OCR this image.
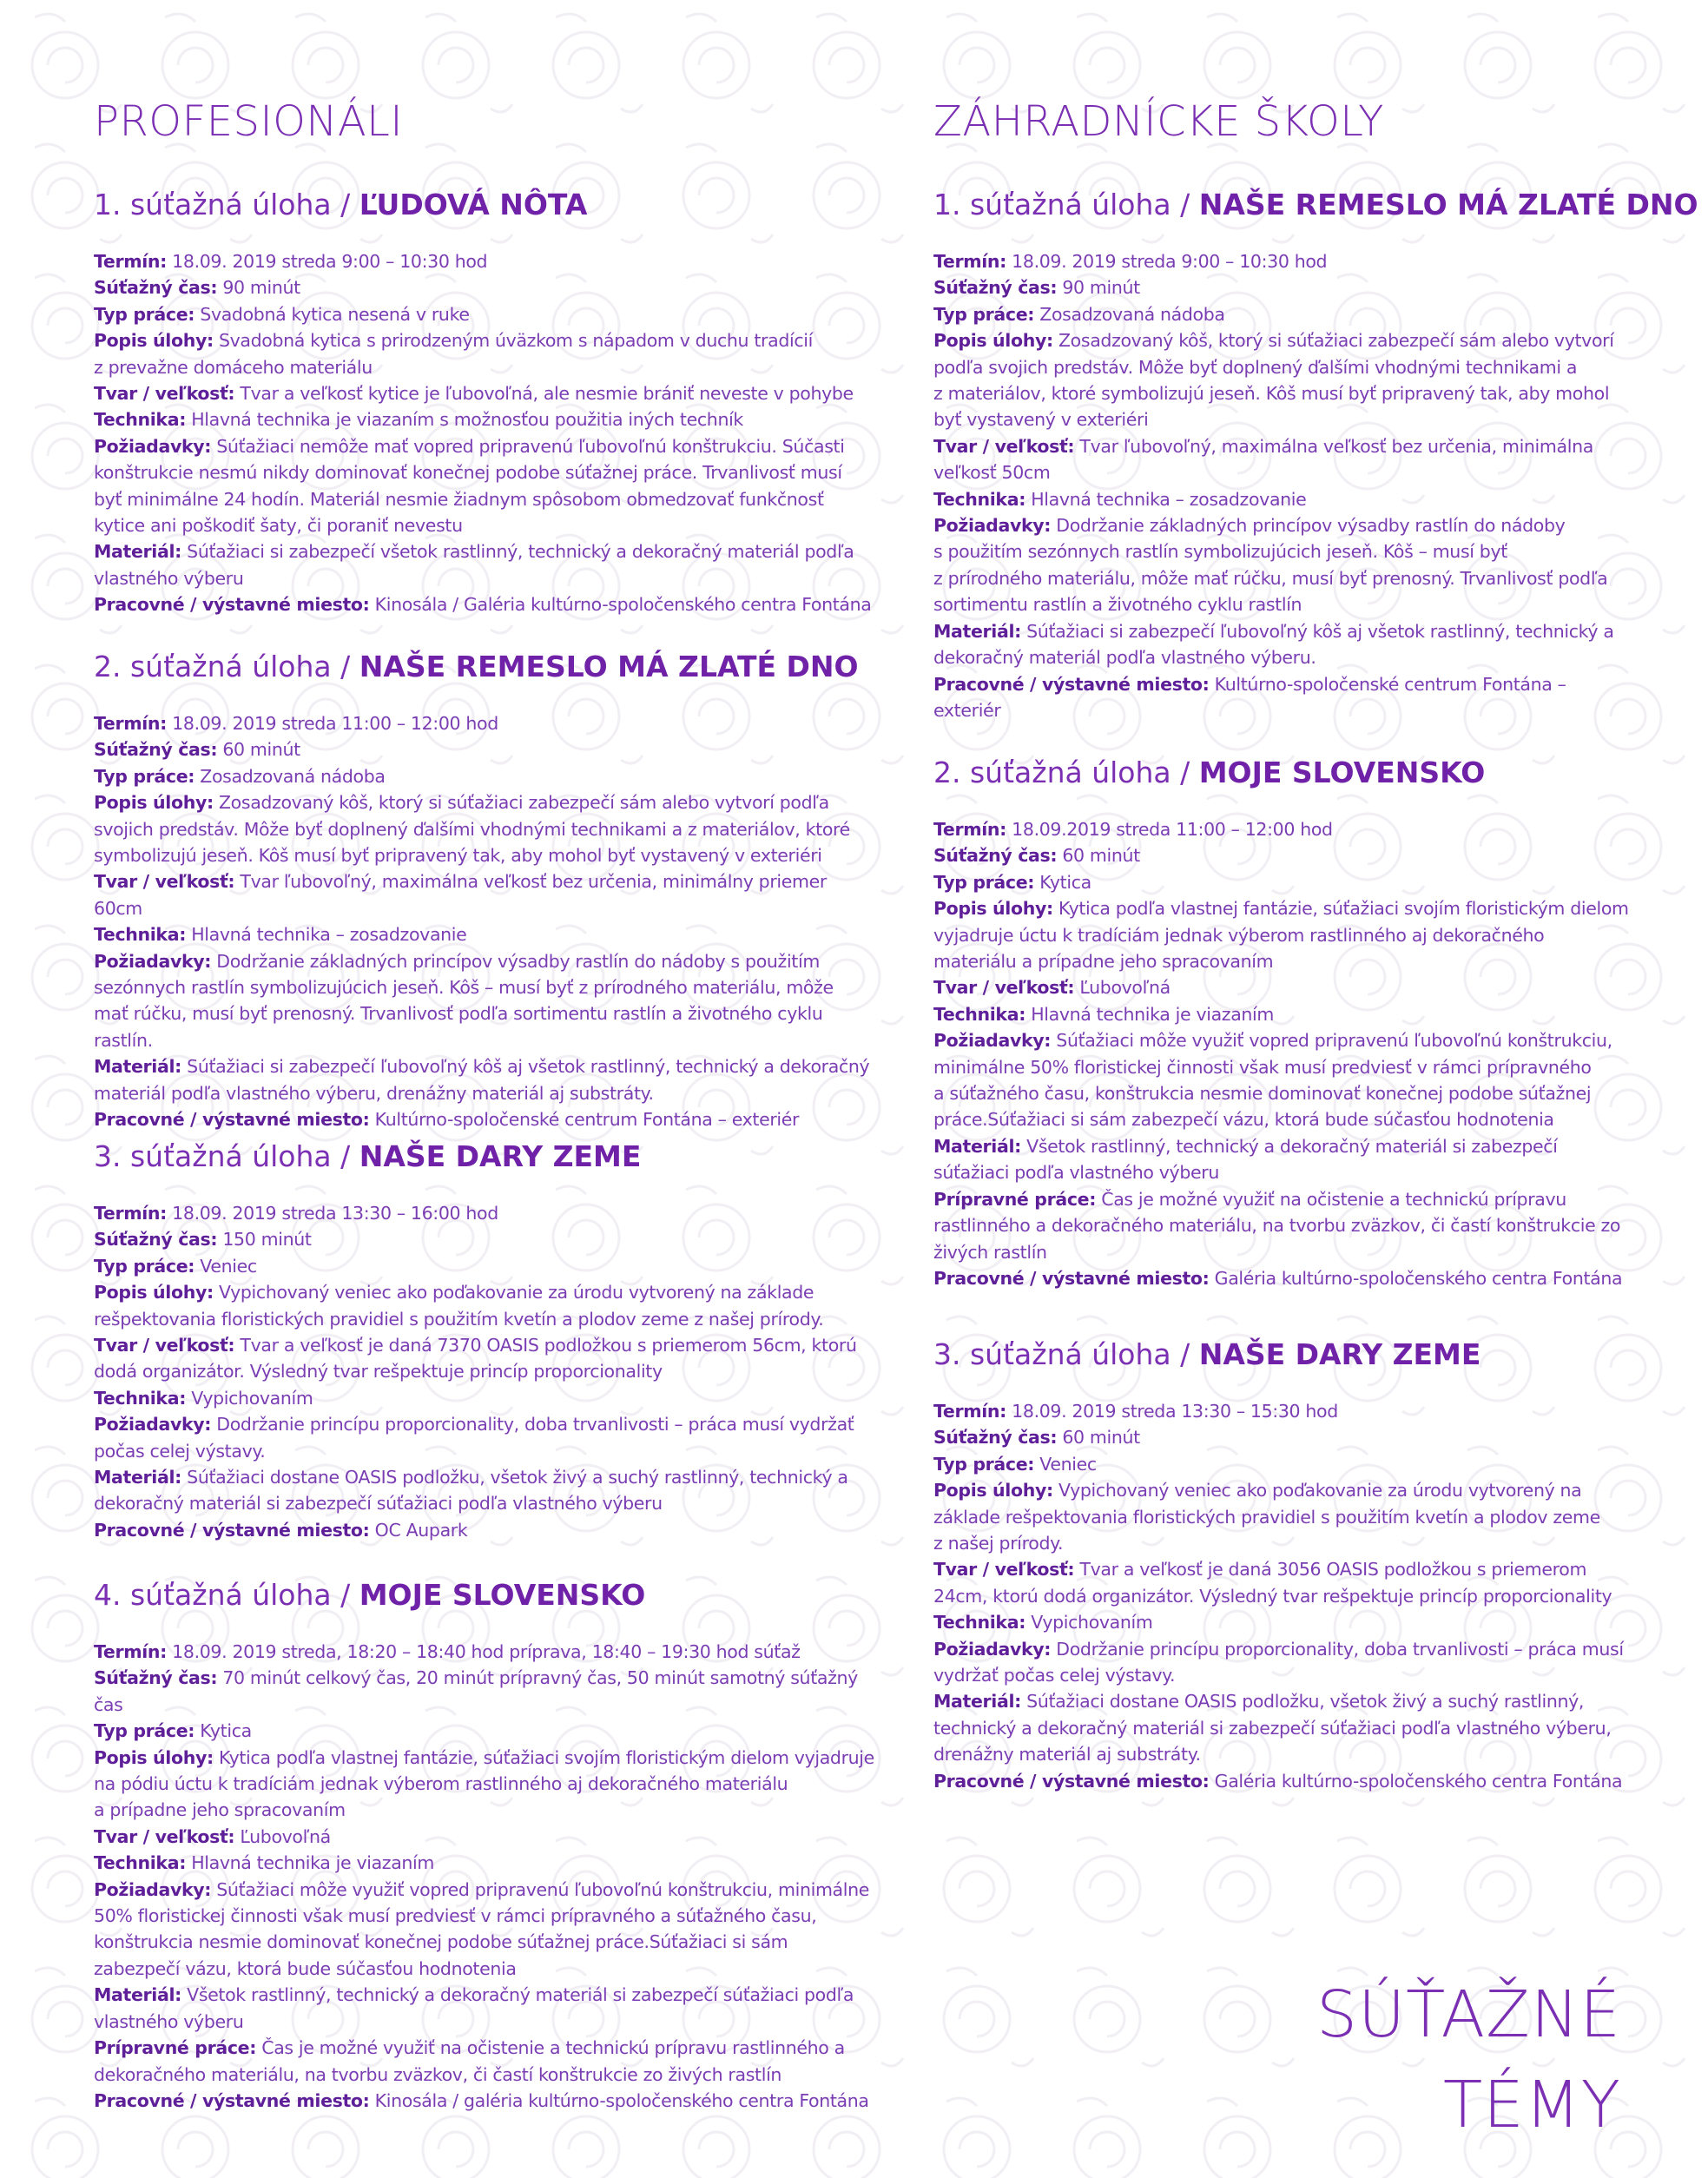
PROFESIONÁLI
1. súťažná úloha / ĽUDOVÁ NÔTA
Termín: 18.09. 2019 streda 9:00 – 10:30 hod
Súťažný čas: 90 minút
Typ práce: Svadobná kytica nesená v ruke
Popis úlohy: Svadobná kytica s prirodzeným úväzkom s nápadom v duchu tradícií
z prevažne domáceho materiálu
Tvar / veľkosť: Tvar a veľkosť kytice je ľubovoľná, ale nesmie brániť neveste v pohybe
Technika: Hlavná technika je viazaním s možnosťou použitia iných techník
Požiadavky: Súťažiaci nemôže mať vopred pripravenú ľubovoľnú konštrukciu. Súčasti
konštrukcie nesmú nikdy dominovať konečnej podobe súťažnej práce. Trvanlivosť musí
byť minimálne 24 hodín. Materiál nesmie žiadnym spôsobom obmedzovať funkčnosť
kytice ani poškodiť šaty, či poraniť nevestu
Materiál: Súťažiaci si zabezpečí všetok rastlinný, technický a dekoračný materiál podľa
vlastného výberu
Pracovné / výstavné miesto: Kinosála / Galéria kultúrno-spoločenského centra Fontána
2. súťažná úloha / NAŠE REMESLO MÁ ZLATÉ DNO
Termín: 18.09. 2019 streda 11:00 – 12:00 hod
Súťažný čas: 60 minút
Typ práce: Zosadzovaná nádoba
Popis úlohy: Zosadzovaný kôš, ktorý si súťažiaci zabezpečí sám alebo vytvorí podľa
svojich predstáv. Môže byť doplnený ďalšími vhodnými technikami a z materiálov, ktoré
symbolizujú jeseň. Kôš musí byť pripravený tak, aby mohol byť vystavený v exteriéri
Tvar / veľkosť: Tvar ľubovoľný, maximálna veľkosť bez určenia, minimálny priemer 60cm
Technika: Hlavná technika – zosadzovanie
Požiadavky: Dodržanie základných princípov výsadby rastlín do nádoby s použitím
sezónnych rastlín symbolizujúcich jeseň. Kôš – musí byť z prírodného materiálu, môže
mať rúčku, musí byť prenosný. Trvanlivosť podľa sortimentu rastlín a životného cyklu
rastlín.
Materiál: Súťažiaci si zabezpečí ľubovoľný kôš aj všetok rastlinný, technický a dekoračný
materiál podľa vlastného výberu, drenážny materiál aj substráty.
Pracovné / výstavné miesto: Kultúrno-spoločenské centrum Fontána – exteriér
3. súťažná úloha / NAŠE DARY ZEME
Termín: 18.09. 2019 streda 13:30 – 16:00 hod
Súťažný čas: 150 minút
Typ práce: Veniec
Popis úlohy: Vypichovaný veniec ako poďakovanie za úrodu vytvorený na základe
rešpektovania floristických pravidiel s použitím kvetín a plodov zeme z našej prírody.
Tvar / veľkosť: Tvar a veľkosť je daná 7370 OASIS podložkou s priemerom 56cm, ktorú
dodá organizátor. Výsledný tvar rešpektuje princíp proporcionality
Technika: Vypichovaním
Požiadavky: Dodržanie princípu proporcionality, doba trvanlivosti – práca musí vydržať
počas celej výstavy.
Materiál: Súťažiaci dostane OASIS podložku, všetok živý a suchý rastlinný, technický a
dekoračný materiál si zabezpečí súťažiaci podľa vlastného výberu
Pracovné / výstavné miesto: OC Aupark
4. súťažná úloha / MOJE SLOVENSKO
Termín: 18.09. 2019 streda, 18:20 – 18:40 hod príprava, 18:40 – 19:30 hod súťaž
Súťažný čas: 70 minút celkový čas, 20 minút prípravný čas, 50 minút samotný súťažný čas
Typ práce: Kytica
Popis úlohy: Kytica podľa vlastnej fantázie, súťažiaci svojím floristickým dielom vyjadruje
na pódiu úctu k tradíciám jednak výberom rastlinného aj dekoračného materiálu
a prípadne jeho spracovaním
Tvar / veľkosť: Ľubovoľná
Technika: Hlavná technika je viazaním
Požiadavky: Súťažiaci môže využiť vopred pripravenú ľubovoľnú konštrukciu, minimálne
50% floristickej činnosti však musí predviesť v rámci prípravného a súťažného času,
konštrukcia nesmie dominovať konečnej podobe súťažnej práce.Súťažiaci si sám
zabezpečí vázu, ktorá bude súčasťou hodnotenia
Materiál: Všetok rastlinný, technický a dekoračný materiál si zabezpečí súťažiaci podľa
vlastného výberu
Prípravné práce: Čas je možné využiť na očistenie a technickú prípravu rastlinného a
dekoračného materiálu, na tvorbu zväzkov, či častí konštrukcie zo živých rastlín
Pracovné / výstavné miesto: Kinosála / galéria kultúrno-spoločenského centra Fontána
ZÁHRADNÍCKE ŠKOLY
1. súťažná úloha / NAŠE REMESLO MÁ ZLATÉ DNO
Termín: 18.09. 2019 streda 9:00 – 10:30 hod
Súťažný čas: 90 minút
Typ práce: Zosadzovaná nádoba
Popis úlohy: Zosadzovaný kôš, ktorý si súťažiaci zabezpečí sám alebo vytvorí
podľa svojich predstáv. Môže byť doplnený ďalšími vhodnými technikami a
z materiálov, ktoré symbolizujú jeseň. Kôš musí byť pripravený tak, aby mohol
byť vystavený v exteriéri
Tvar / veľkosť: Tvar ľubovoľný, maximálna veľkosť bez určenia, minimálna
veľkosť 50cm
Technika: Hlavná technika – zosadzovanie
Požiadavky: Dodržanie základných princípov výsadby rastlín do nádoby
s použitím sezónnych rastlín symbolizujúcich jeseň. Kôš – musí byť
z prírodného materiálu, môže mať rúčku, musí byť prenosný. Trvanlivosť podľa
sortimentu rastlín a životného cyklu rastlín
Materiál: Súťažiaci si zabezpečí ľubovoľný kôš aj všetok rastlinný, technický a
dekoračný materiál podľa vlastného výberu.
Pracovné / výstavné miesto: Kultúrno-spoločenské centrum Fontána –
exteriér
2. súťažná úloha / MOJE SLOVENSKO
Termín: 18.09.2019 streda 11:00 – 12:00 hod
Súťažný čas: 60 minút
Typ práce: Kytica
Popis úlohy: Kytica podľa vlastnej fantázie, súťažiaci svojím floristickým dielom
vyjadruje úctu k tradíciám jednak výberom rastlinného aj dekoračného
materiálu a prípadne jeho spracovaním
Tvar / veľkosť: Ľubovoľná
Technika: Hlavná technika je viazaním
Požiadavky: Súťažiaci môže využiť vopred pripravenú ľubovoľnú konštrukciu,
minimálne 50% floristickej činnosti však musí predviesť v rámci prípravného
a súťažného času, konštrukcia nesmie dominovať konečnej podobe súťažnej
práce.Súťažiaci si sám zabezpečí vázu, ktorá bude súčasťou hodnotenia
Materiál: Všetok rastlinný, technický a dekoračný materiál si zabezpečí
súťažiaci podľa vlastného výberu
Prípravné práce: Čas je možné využiť na očistenie a technickú prípravu
rastlinného a dekoračného materiálu, na tvorbu zväzkov, či častí konštrukcie zo
živých rastlín
Pracovné / výstavné miesto: Galéria kultúrno-spoločenského centra Fontána
3. súťažná úloha / NAŠE DARY ZEME
Termín: 18.09. 2019 streda 13:30 – 15:30 hod
Súťažný čas: 60 minút
Typ práce: Veniec
Popis úlohy: Vypichovaný veniec ako poďakovanie za úrodu vytvorený na
základe rešpektovania floristických pravidiel s použitím kvetín a plodov zeme
z našej prírody.
Tvar / veľkosť: Tvar a veľkosť je daná 3056 OASIS podložkou s priemerom
24cm, ktorú dodá organizátor. Výsledný tvar rešpektuje princíp proporcionality
Technika: Vypichovaním
Požiadavky: Dodržanie princípu proporcionality, doba trvanlivosti – práca musí
vydržať počas celej výstavy.
Materiál: Súťažiaci dostane OASIS podložku, všetok živý a suchý rastlinný,
technický a dekoračný materiál si zabezpečí súťažiaci podľa vlastného výberu,
drenážny materiál aj substráty.
Pracovné / výstavné miesto: Galéria kultúrno-spoločenského centra Fontána
SÚŤAŽNÉ
TÉMY
